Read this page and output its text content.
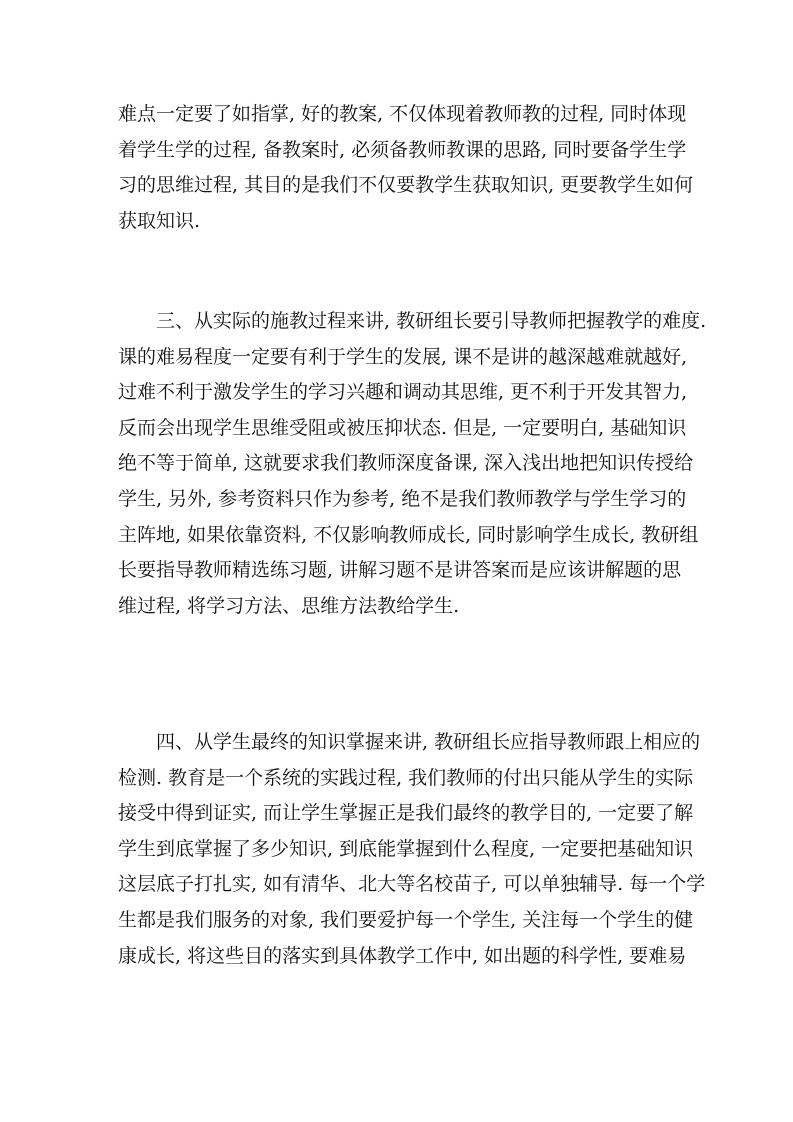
难点一定要了如指掌, 好的教案, 不仅体现着教师教的过程, 同时体现
着学生学的过程, 备教案时, 必须备教师教课的思路, 同时要备学生学
习的思维过程, 其目的是我们不仅要教学生获取知识, 更要教学生如何
获取知识.
三、从实际的施教过程来讲, 教研组长要引导教师把握教学的难度.
课的难易程度一定要有利于学生的发展, 课不是讲的越深越难就越好,
过难不利于激发学生的学习兴趣和调动其思维, 更不利于开发其智力,
反而会出现学生思维受阻或被压抑状态. 但是, 一定要明白, 基础知识
绝不等于简单, 这就要求我们教师深度备课, 深入浅出地把知识传授给
学生, 另外, 参考资料只作为参考, 绝不是我们教师教学与学生学习的
主阵地, 如果依靠资料, 不仅影响教师成长, 同时影响学生成长, 教研组
长要指导教师精选练习题, 讲解习题不是讲答案而是应该讲解题的思
维过程, 将学习方法、思维方法教给学生.
四、从学生最终的知识掌握来讲, 教研组长应指导教师跟上相应的
检测. 教育是一个系统的实践过程, 我们教师的付出只能从学生的实际
接受中得到证实, 而让学生掌握正是我们最终的教学目的, 一定要了解
学生到底掌握了多少知识, 到底能掌握到什么程度, 一定要把基础知识
这层底子打扎实, 如有清华、北大等名校苗子, 可以单独辅导. 每一个学
生都是我们服务的对象, 我们要爱护每一个学生, 关注每一个学生的健
康成长, 将这些目的落实到具体教学工作中, 如出题的科学性, 要难易
